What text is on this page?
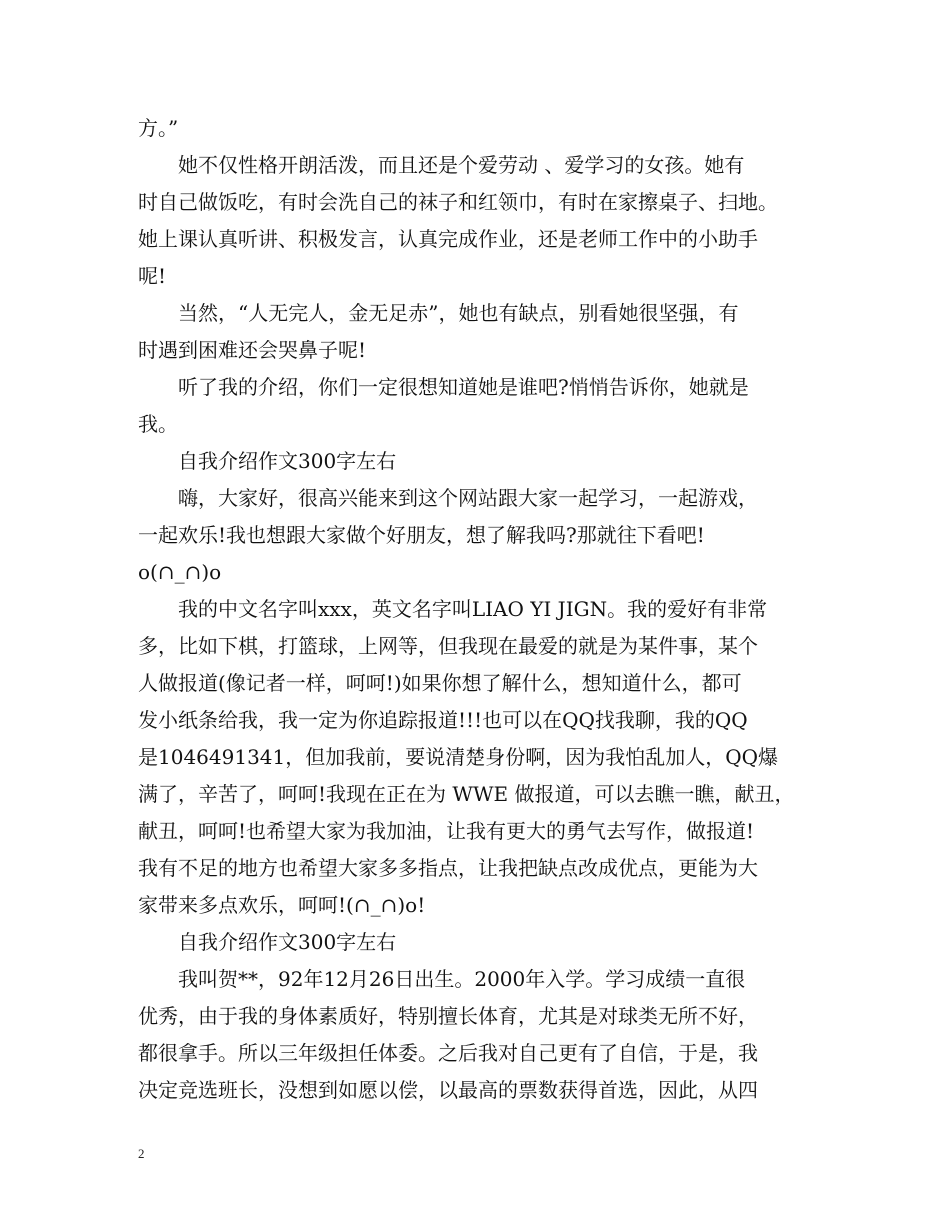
方。”

　　她不仅性格开朗活泼，而且还是个爱劳动 、爱学习的女孩。她有

时自己做饭吃，有时会洗自己的袜子和红领巾，有时在家擦桌子、扫地。

她上课认真听讲、积极发言，认真完成作业，还是老师工作中的小助手

呢!

　　当然，“人无完人，金无足赤”，她也有缺点，别看她很坚强，有

时遇到困难还会哭鼻子呢!

　　听了我的介绍，你们一定很想知道她是谁吧?悄悄告诉你，她就是

我。

　　自我介绍作文300字左右

　　嗨，大家好，很高兴能来到这个网站跟大家一起学习，一起游戏，

一起欢乐!我也想跟大家做个好朋友，想了解我吗?那就往下看吧!

o(∩_∩)o

　　我的中文名字叫xxx，英文名字叫LIAO YI JIGN。我的爱好有非常

多，比如下棋，打篮球，上网等，但我现在最爱的就是为某件事，某个

人做报道(像记者一样，呵呵!)如果你想了解什么，想知道什么，都可

发小纸条给我，我一定为你追踪报道!!!也可以在QQ找我聊，我的QQ

是1046491341，但加我前，要说清楚身份啊，因为我怕乱加人，QQ爆

满了，辛苦了，呵呵!我现在正在为 WWE 做报道，可以去瞧一瞧，献丑，

献丑，呵呵!也希望大家为我加油，让我有更大的勇气去写作，做报道!

我有不足的地方也希望大家多多指点，让我把缺点改成优点，更能为大

家带来多点欢乐，呵呵!(∩_∩)o!

　　自我介绍作文300字左右

　　我叫贺**，92年12月26日出生。2000年入学。学习成绩一直很

优秀，由于我的身体素质好，特别擅长体育，尤其是对球类无所不好，

都很拿手。所以三年级担任体委。之后我对自己更有了自信，于是，我

决定竞选班长，没想到如愿以偿，以最高的票数获得首选，因此，从四

2
